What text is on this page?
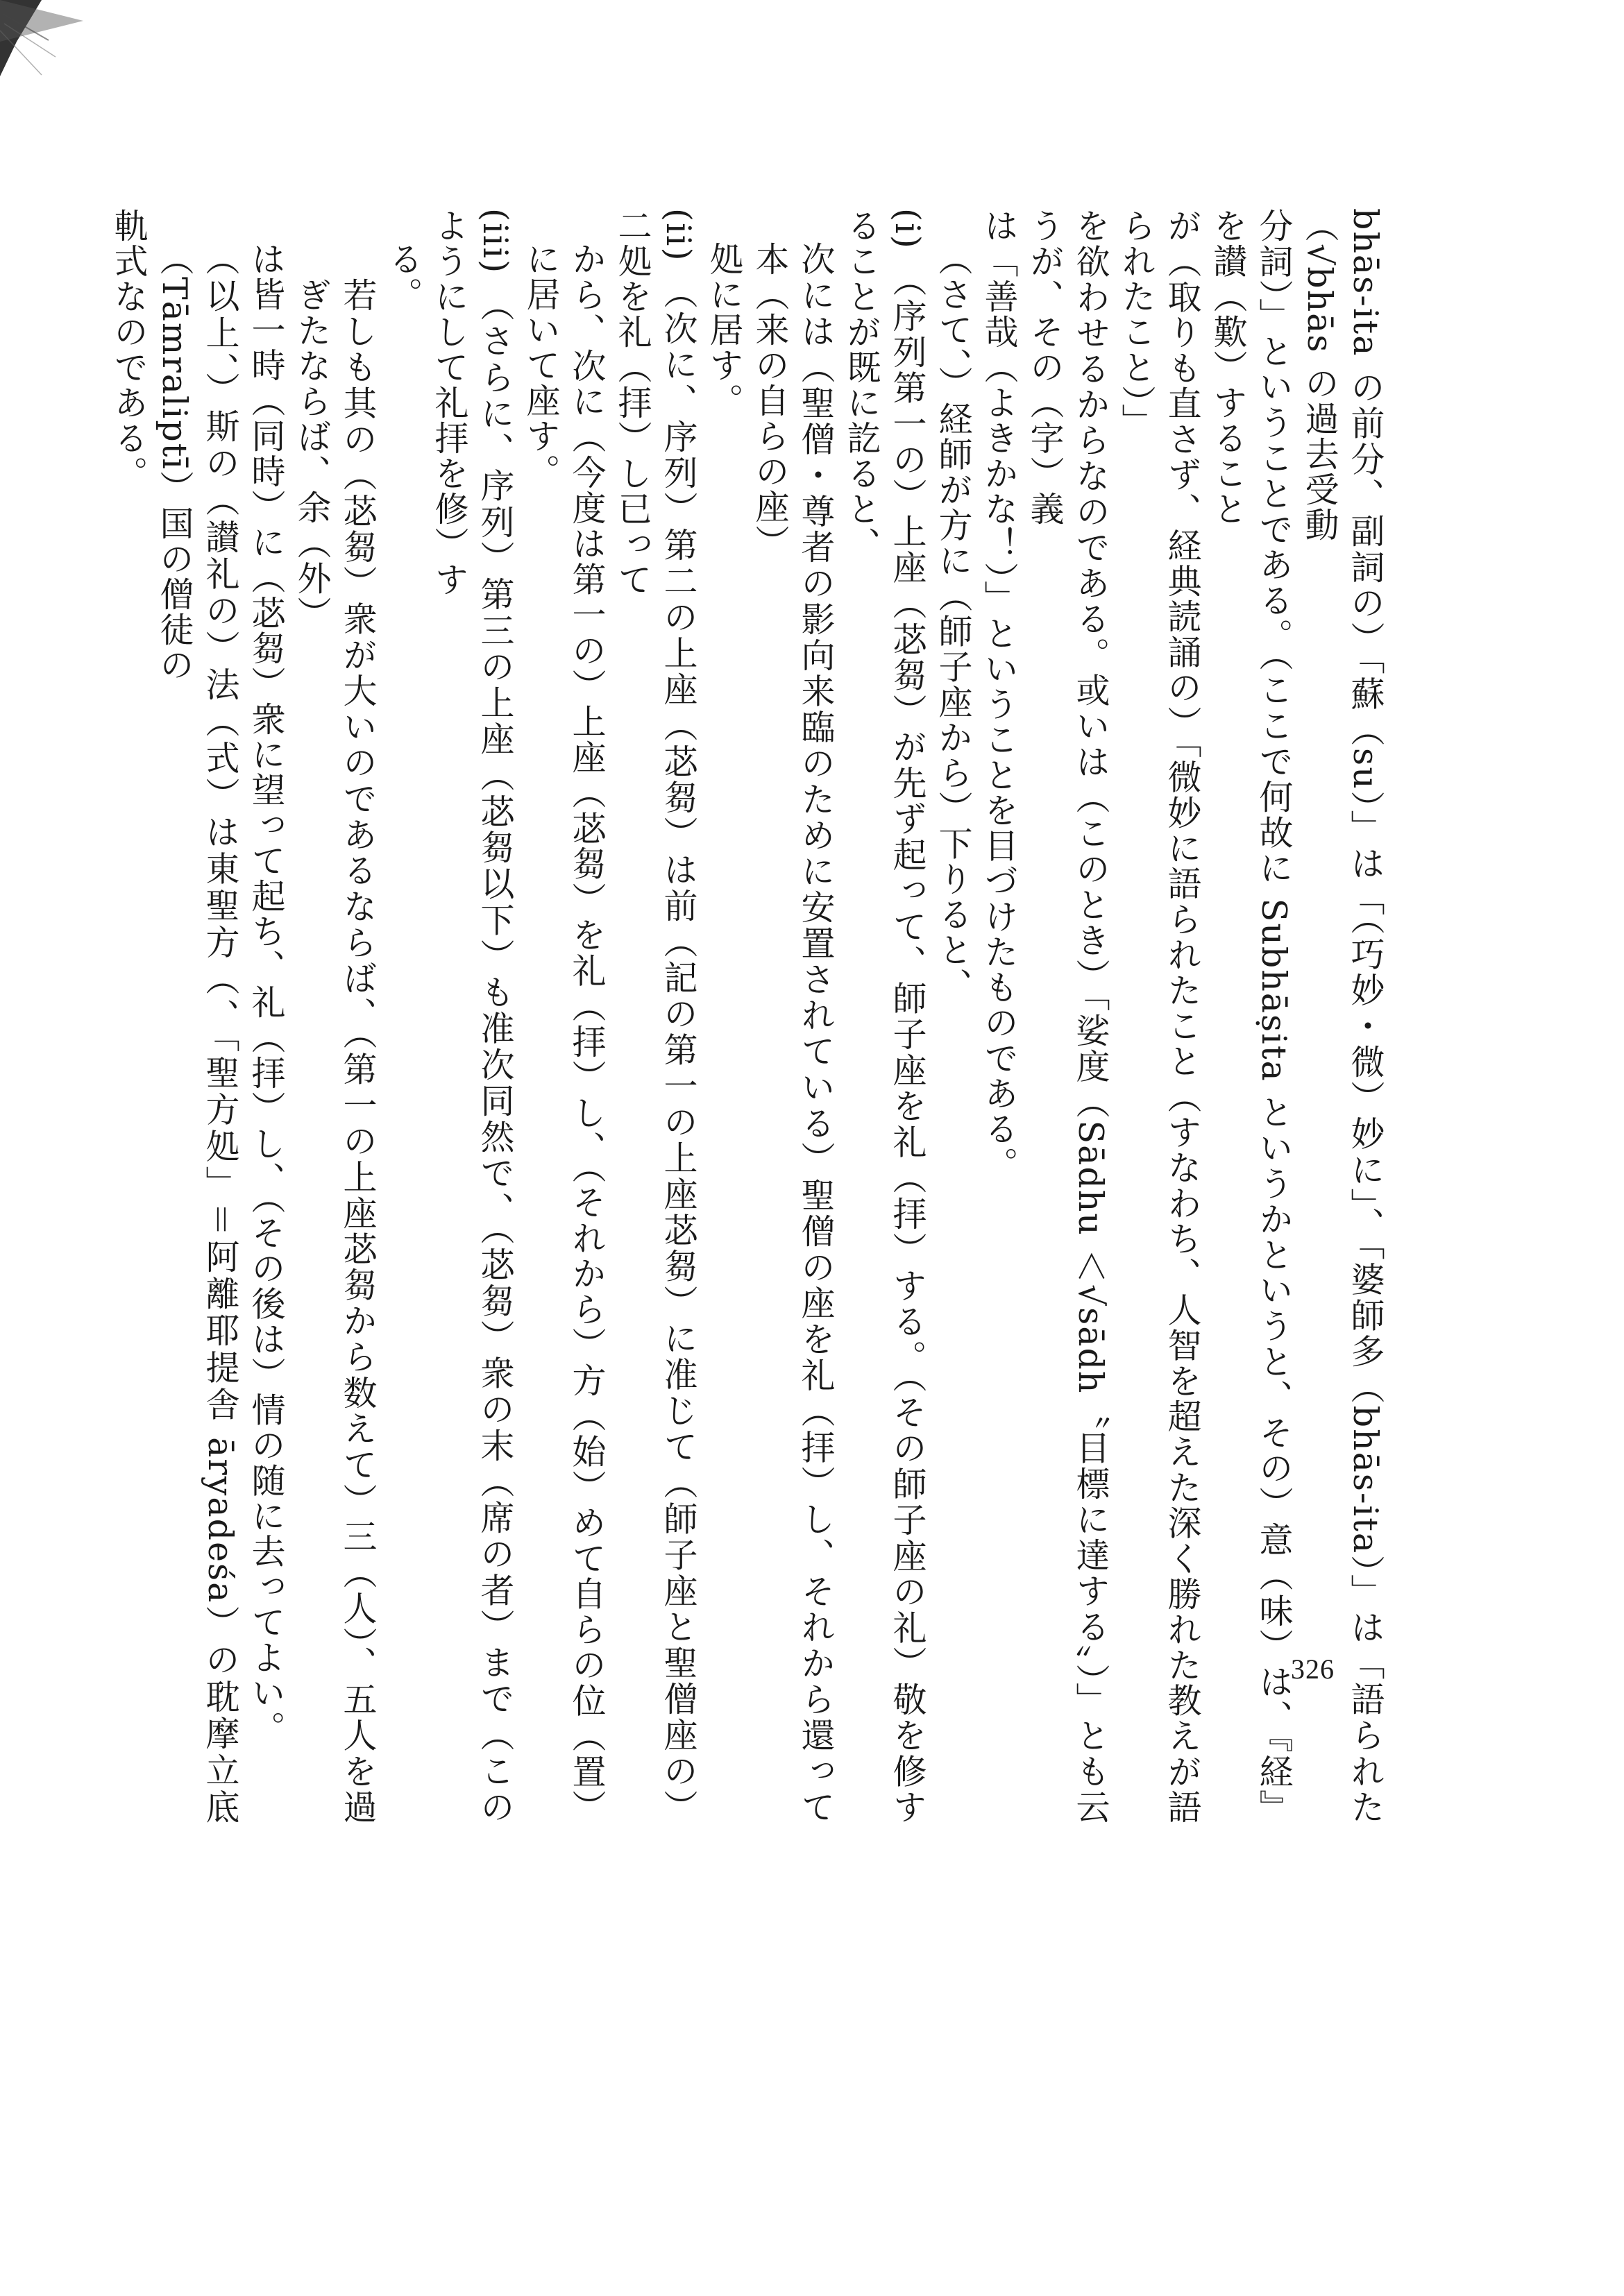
bhās-ita の前分、副詞の）「蘇（su）」は「（巧妙・微）妙に」、「婆師多（bhās-ita）」は「語られた（√bhās の過去受動

分詞）」ということである。（ここで何故に Subhāṣita というかというと、その）意（味）は、『経』を讃（歎）すること

が（取りも直さず、経典読誦の）「微妙に語られたこと（すなわち、人智を超えた深く勝れた教えが語られたこと）」

を欲わせるからなのである。或いは（このとき）「娑度（Sādhu ＜√sādh〝目標に達する〟）」とも云うが、その（字）義

は「善哉（よきかな！）」ということを目づけたものである。

（さて、）経師が方に（師子座から）下りると、

(i) （序列第一の）上座（苾芻）が先ず起って、師子座を礼（拝）する。（その師子座の礼）敬を修することが既に訖ると、

次には（聖僧・尊者の影向来臨のために安置されている）聖僧の座を礼（拝）し、それから還って本（来の自らの座）

処に居す。

(ii) （次に、序列）第二の上座（苾芻）は前（記の第一の上座苾芻）に准じて（師子座と聖僧座の）二処を礼（拝）し已って

から、次に（今度は第一の）上座（苾芻）を礼（拝）し、（それから）方（始）めて自らの位（置）に居いて座す。

(iii) （さらに、序列）第三の上座（苾芻以下）も准次同然で、（苾芻）衆の末（席の者）まで（このようにして礼拝を修）す

る。

若しも其の（苾芻）衆が大いのであるならば、（第一の上座苾芻から数えて）三（人）、五人を過ぎたならば、余（外）

は皆一時（同時）に（苾芻）衆に望って起ち、礼（拝）し、（その後は）情の随に去ってよい。

（以上、）斯の（讃礼の）法（式）は東聖方（、「聖方処」＝阿離耶提舎 āryadeśa）の耽摩立底（Tāmraliptī）国の僧徒の

軌式なのである。

326
